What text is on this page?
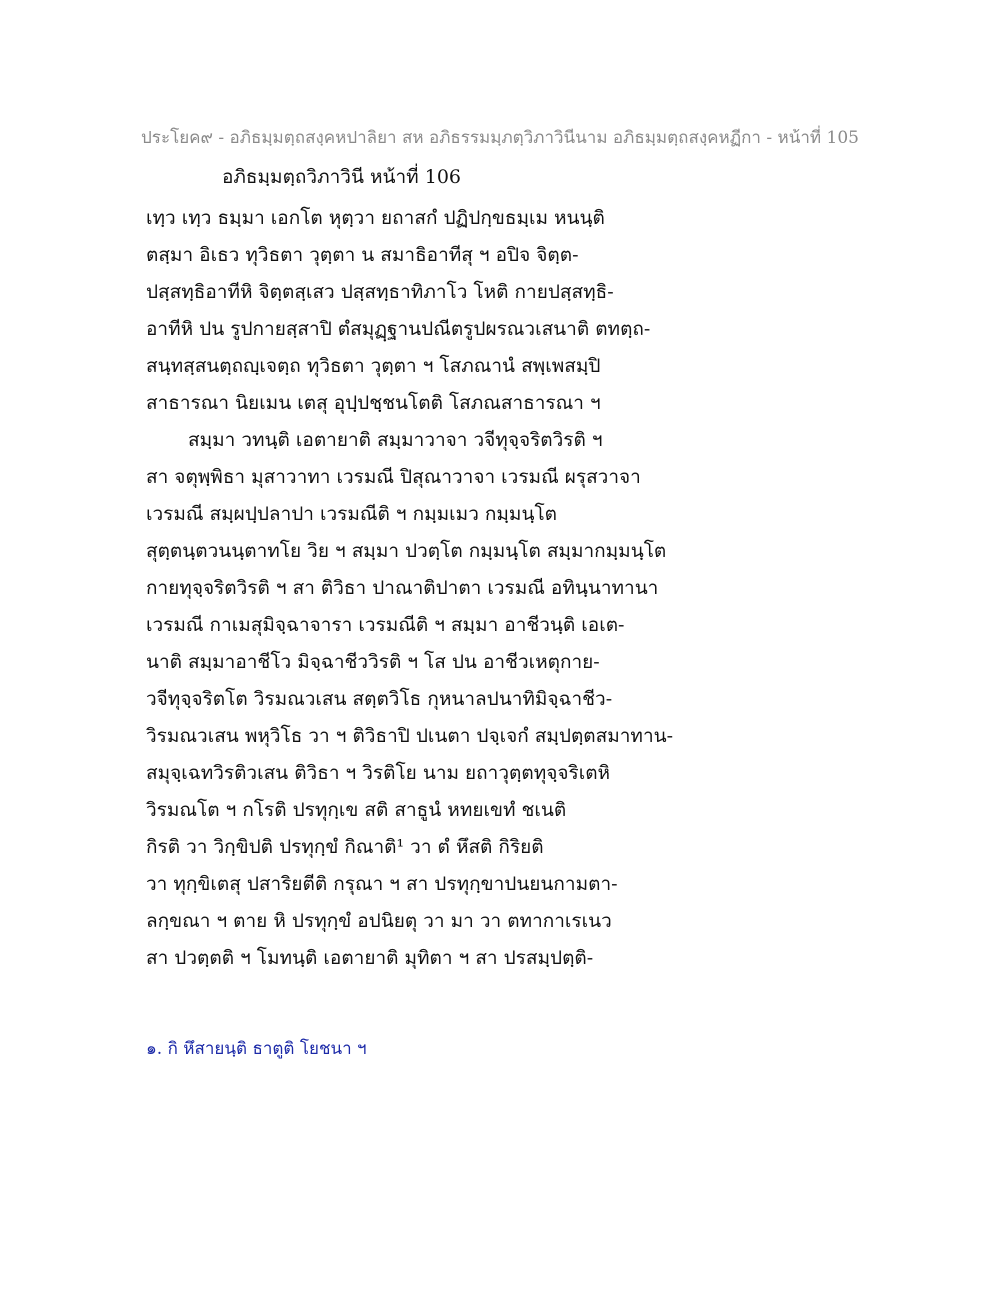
ประโยค๙ - อภิธมฺมตฺถสงฺคหปาลิยา สห อภิธรรมมฺภตฺวิภาวินีนาม อภิธมฺมตฺถสงฺคหฏีกา - หน้าที่ 105
อภิธมฺมตฺถวิภาวินี หน้าที่ 106
เทฺว เทฺว ธมฺมา เอกโต หุตฺวา ยถาสกํ ปฏิปกฺขธมฺเม หนนฺติ
ตสฺมา อิเธว ทุวิธตา วุตฺตา น สมาธิอาทีสุ ฯ อปิจ จิตฺต-
ปสฺสทฺธิอาทีหิ จิตฺตสฺเสว ปสฺสทฺธาทิภาโว โหติ กายปสฺสทฺธิ-
อาทีหิ ปน รูปกายสฺสาปิ ตํสมุฏฺฐานปณีตรูปผรณวเสนาติ ตทตฺถ-
สนฺทสฺสนตฺถญฺเจตฺถ ทุวิธตา วุตฺตา ฯ โสภณานํ สพฺเพสมฺปิ
สาธารณา นิยเมน เตสุ อุปฺปชฺชนโตติ โสภณสาธารณา ฯ
สมฺมา วทนฺติ เอตายาติ สมฺมาวาจา วจีทุจฺจริตวิรติ ฯ
สา จตุพฺพิธา มุสาวาทา เวรมณี ปิสุณาวาจา เวรมณี ผรุสวาจา
เวรมณี สมฺผปฺปลาปา เวรมณีติ ฯ กมฺมเมว กมฺมนฺโต
สุตฺตนฺตวนนฺตาทโย วิย ฯ สมฺมา ปวตฺโต กมฺมนฺโต สมฺมากมฺมนฺโต
กายทุจฺจริตวิรติ ฯ สา ติวิธา ปาณาติปาตา เวรมณี อทินฺนาทานา
เวรมณี กาเมสุมิจฺฉาจารา เวรมณีติ ฯ สมฺมา อาชีวนฺติ เอเต-
นาติ สมฺมาอาชีโว มิจฺฉาชีววิรติ ฯ โส ปน อาชีวเหตุกาย-
วจีทุจฺจริตโต วิรมณวเสน สตฺตวิโธ กุหนาลปนาทิมิจฺฉาชีว-
วิรมณวเสน พหุวิโธ วา ฯ ติวิธาปิ ปเนตา ปจฺเจกํ สมฺปตฺตสมาทาน-
สมุจฺเฉทวิรติวเสน ติวิธา ฯ วิรติโย นาม ยถาวุตฺตทุจฺจริเตหิ
วิรมณโต ฯ กโรติ ปรทุกฺเข สติ สาธูนํ หทยเขทํ ชเนติ
กิรติ วา วิกฺขิปติ ปรทุกฺขํ กิณาติ¹ วา ตํ หึสติ กิริยติ
วา ทุกฺขิเตสุ ปสาริยตีติ กรุณา ฯ สา ปรทุกฺขาปนยนกามตา-
ลกฺขณา ฯ ตาย หิ ปรทุกฺขํ อปนิยตุ วา มา วา ตทากาเรเนว
สา ปวตฺตติ ฯ โมทนฺติ เอตายาติ มุทิตา ฯ สา ปรสมฺปตฺติ-
๑. กิ หึสายนฺติ ธาตูติ โยชนา ฯ
